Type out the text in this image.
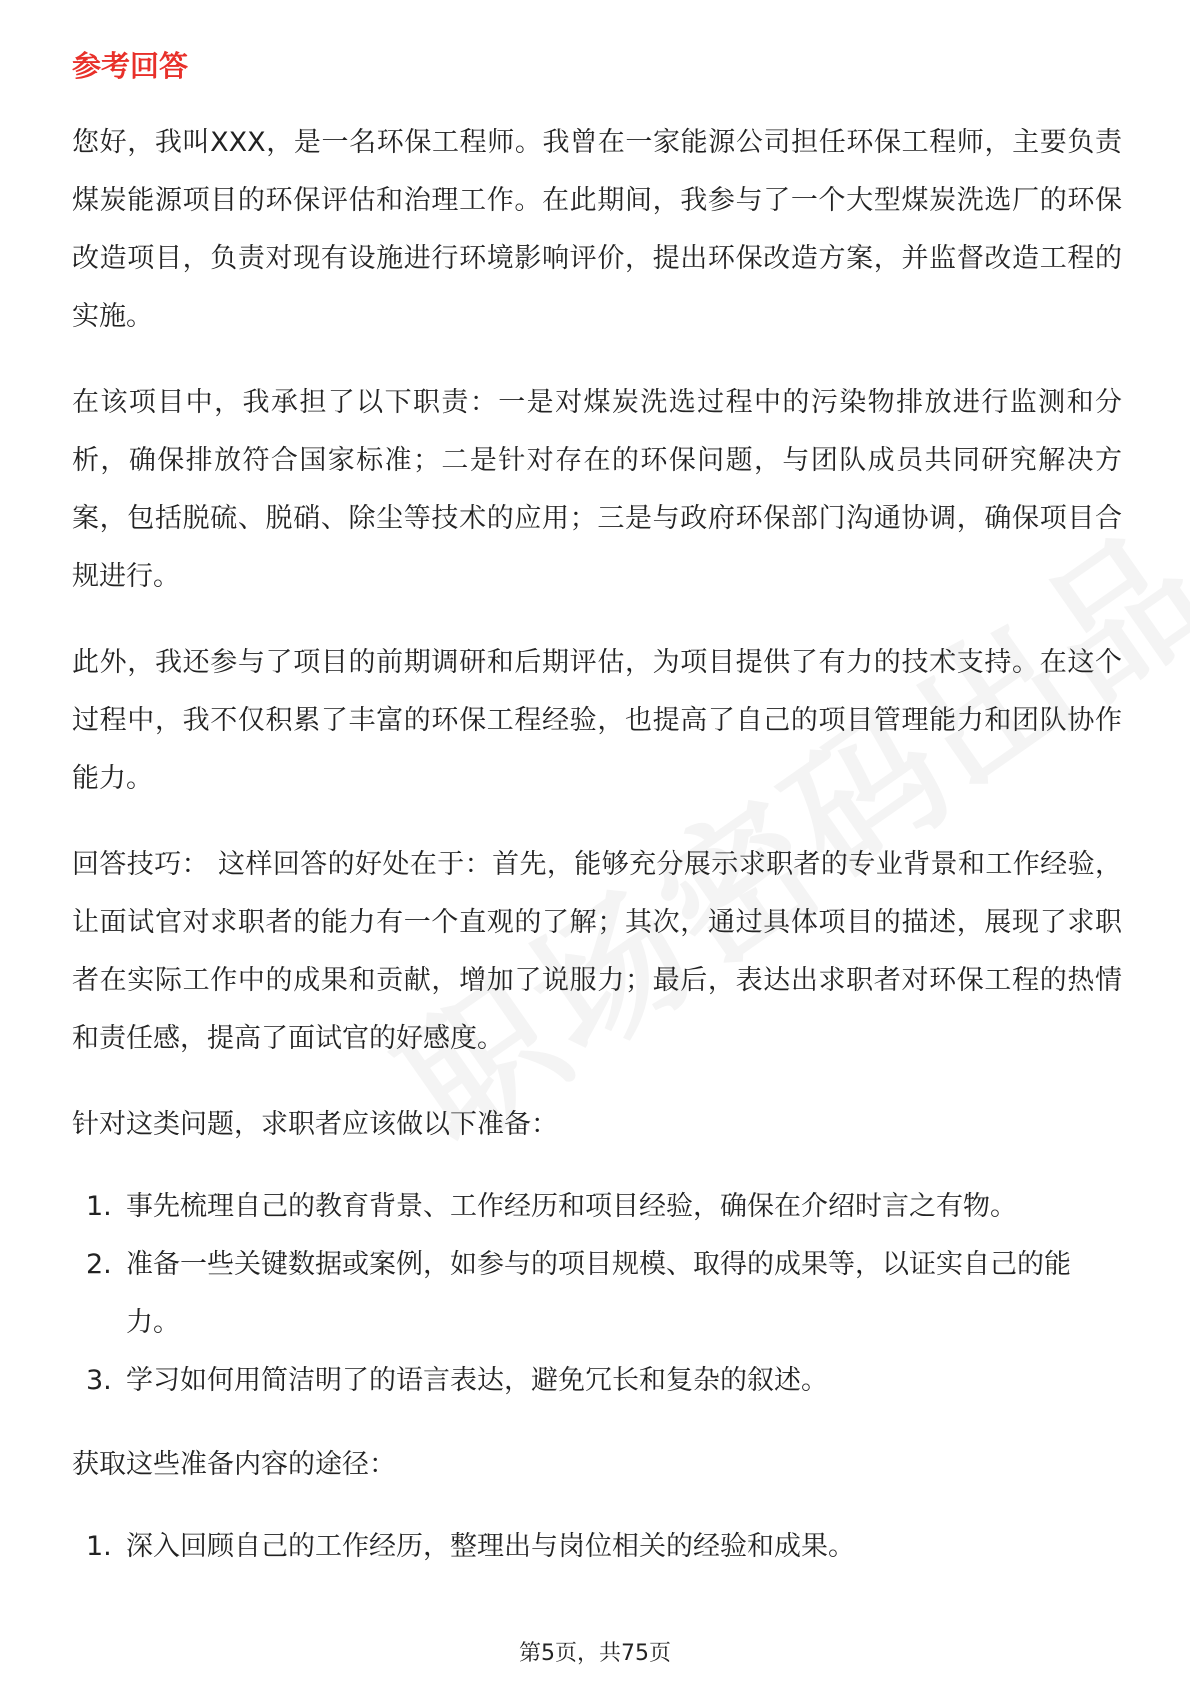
参考回答

您好，我叫XXX，是一名环保工程师。我曾在一家能源公司担任环保工程师，主要负责煤炭能源项目的环保评估和治理工作。在此期间，我参与了一个大型煤炭洗选厂的环保改造项目，负责对现有设施进行环境影响评价，提出环保改造方案，并监督改造工程的实施。

在该项目中，我承担了以下职责：一是对煤炭洗选过程中的污染物排放进行监测和分析，确保排放符合国家标准；二是针对存在的环保问题，与团队成员共同研究解决方案，包括脱硫、脱硝、除尘等技术的应用；三是与政府环保部门沟通协调，确保项目合规进行。

此外，我还参与了项目的前期调研和后期评估，为项目提供了有力的技术支持。在这个过程中，我不仅积累了丰富的环保工程经验，也提高了自己的项目管理能力和团队协作能力。

回答技巧： 这样回答的好处在于：首先，能够充分展示求职者的专业背景和工作经验，让面试官对求职者的能力有一个直观的了解；其次，通过具体项目的描述，展现了求职者在实际工作中的成果和贡献，增加了说服力；最后，表达出求职者对环保工程的热情和责任感，提高了面试官的好感度。

针对这类问题，求职者应该做以下准备：

1. 事先梳理自己的教育背景、工作经历和项目经验，确保在介绍时言之有物。
2. 准备一些关键数据或案例，如参与的项目规模、取得的成果等，以证实自己的能力。
3. 学习如何用简洁明了的语言表达，避免冗长和复杂的叙述。

获取这些准备内容的途径：

1. 深入回顾自己的工作经历，整理出与岗位相关的经验和成果。
第5页，共75页
